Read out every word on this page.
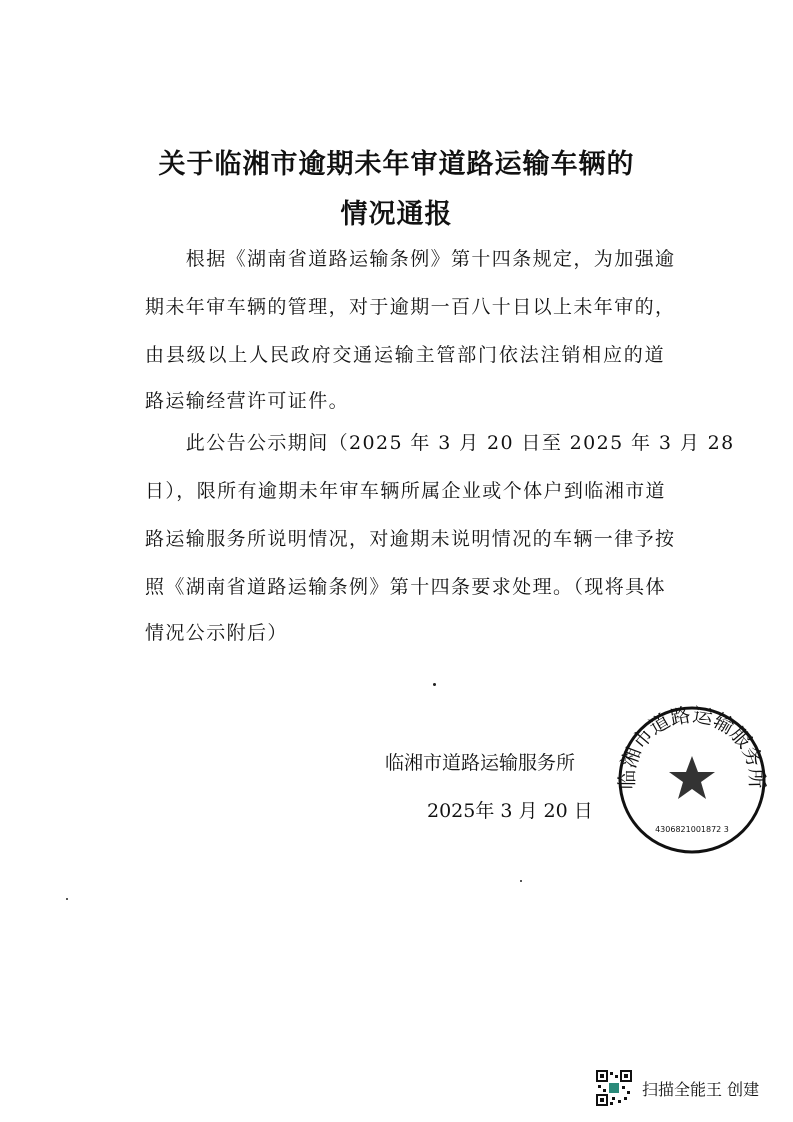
关于临湘市逾期未年审道路运输车辆的
情况通报
　　根据《湖南省道路运输条例》第十四条规定，为加强逾
期未年审车辆的管理，对于逾期一百八十日以上未年审的，
由县级以上人民政府交通运输主管部门依法注销相应的道
路运输经营许可证件。
　　此公告公示期间（2025 年 3 月 20 日至 2025 年 3 月 28
日），限所有逾期未年审车辆所属企业或个体户到临湘市道
路运输服务所说明情况，对逾期未说明情况的车辆一律予按
照《湖南省道路运输条例》第十四条要求处理。（现将具体
情况公示附后）
临湘市道路运输服务所
2025年 3 月 20 日
临湘市道路运输服务所
4306821001872 3
扫描全能王 创建
